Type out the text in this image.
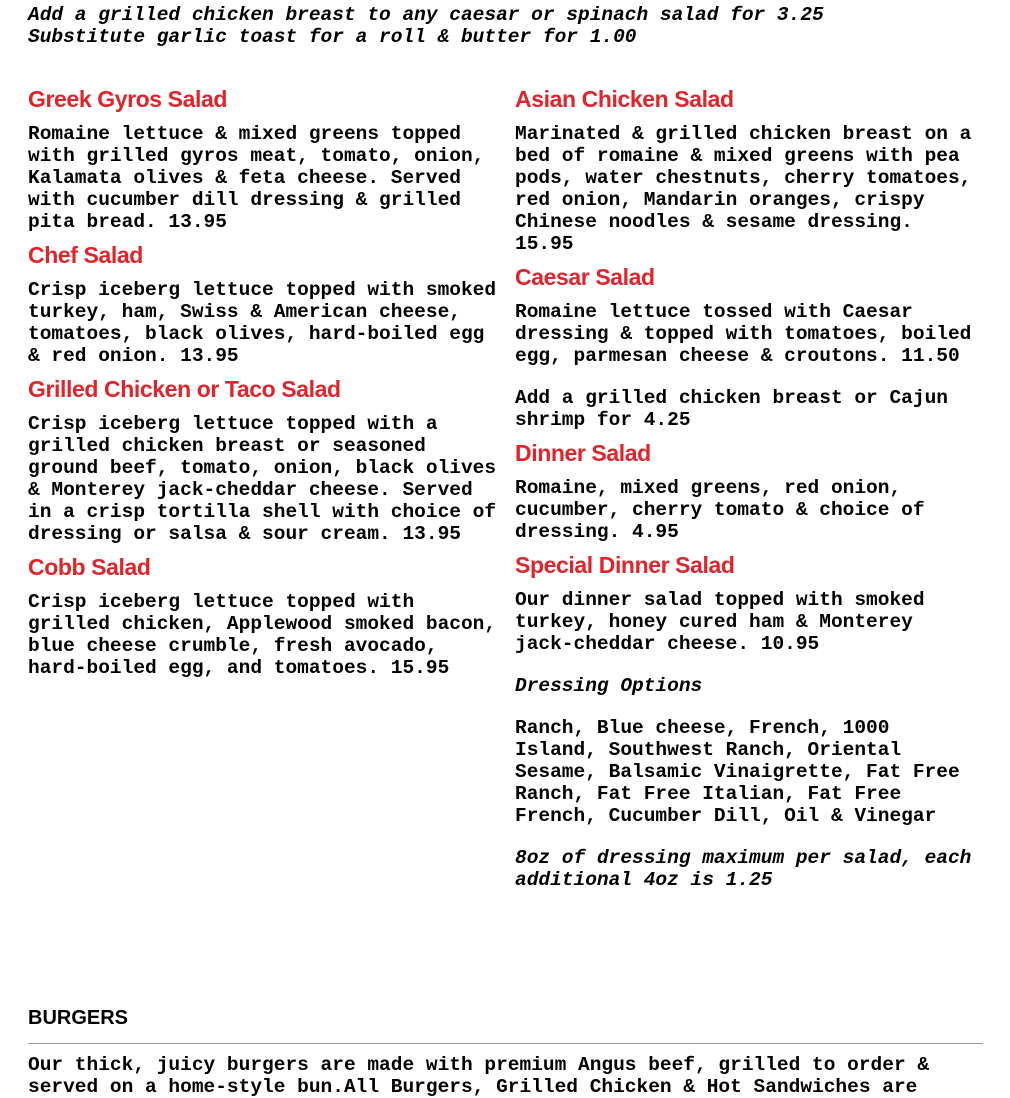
Add a grilled chicken breast to any caesar or spinach salad for 3.25

Substitute garlic toast for a roll & butter for 1.00

Greek Gyros Salad

Romaine lettuce & mixed greens topped with grilled gyros meat, tomato, onion, Kalamata olives & feta cheese. Served with cucumber dill dressing & grilled pita bread. 13.95

Chef Salad

Crisp iceberg lettuce topped with smoked turkey, ham, Swiss & American cheese, tomatoes, black olives, hard-boiled egg & red onion. 13.95

Grilled Chicken or Taco Salad

Crisp iceberg lettuce topped with a grilled chicken breast or seasoned ground beef, tomato, onion, black olives & Monterey jack-cheddar cheese. Served in a crisp tortilla shell with choice of dressing or salsa & sour cream. 13.95

Cobb Salad

Crisp iceberg lettuce topped with grilled chicken, Applewood smoked bacon, blue cheese crumble, fresh avocado, hard-boiled egg, and tomatoes. 15.95

Asian Chicken Salad

Marinated & grilled chicken breast on a bed of romaine & mixed greens with pea pods, water chestnuts, cherry tomatoes, red onion, Mandarin oranges, crispy Chinese noodles & sesame dressing. 15.95

Caesar Salad

Romaine lettuce tossed with Caesar dressing & topped with tomatoes, boiled egg, parmesan cheese & croutons. 11.50

Add a grilled chicken breast or Cajun shrimp for 4.25

Dinner Salad

Romaine, mixed greens, red onion, cucumber, cherry tomato & choice of dressing. 4.95

Special Dinner Salad

Our dinner salad topped with smoked turkey, honey cured ham & Monterey jack-cheddar cheese. 10.95

Dressing Options

Ranch, Blue cheese, French, 1000 Island, Southwest Ranch, Oriental Sesame, Balsamic Vinaigrette, Fat Free Ranch, Fat Free Italian, Fat Free French, Cucumber Dill, Oil & Vinegar

8oz of dressing maximum per salad, each additional 4oz is 1.25

BURGERS

Our thick, juicy burgers are made with premium Angus beef, grilled to order & served on a home-style bun.All Burgers, Grilled Chicken & Hot Sandwiches are
